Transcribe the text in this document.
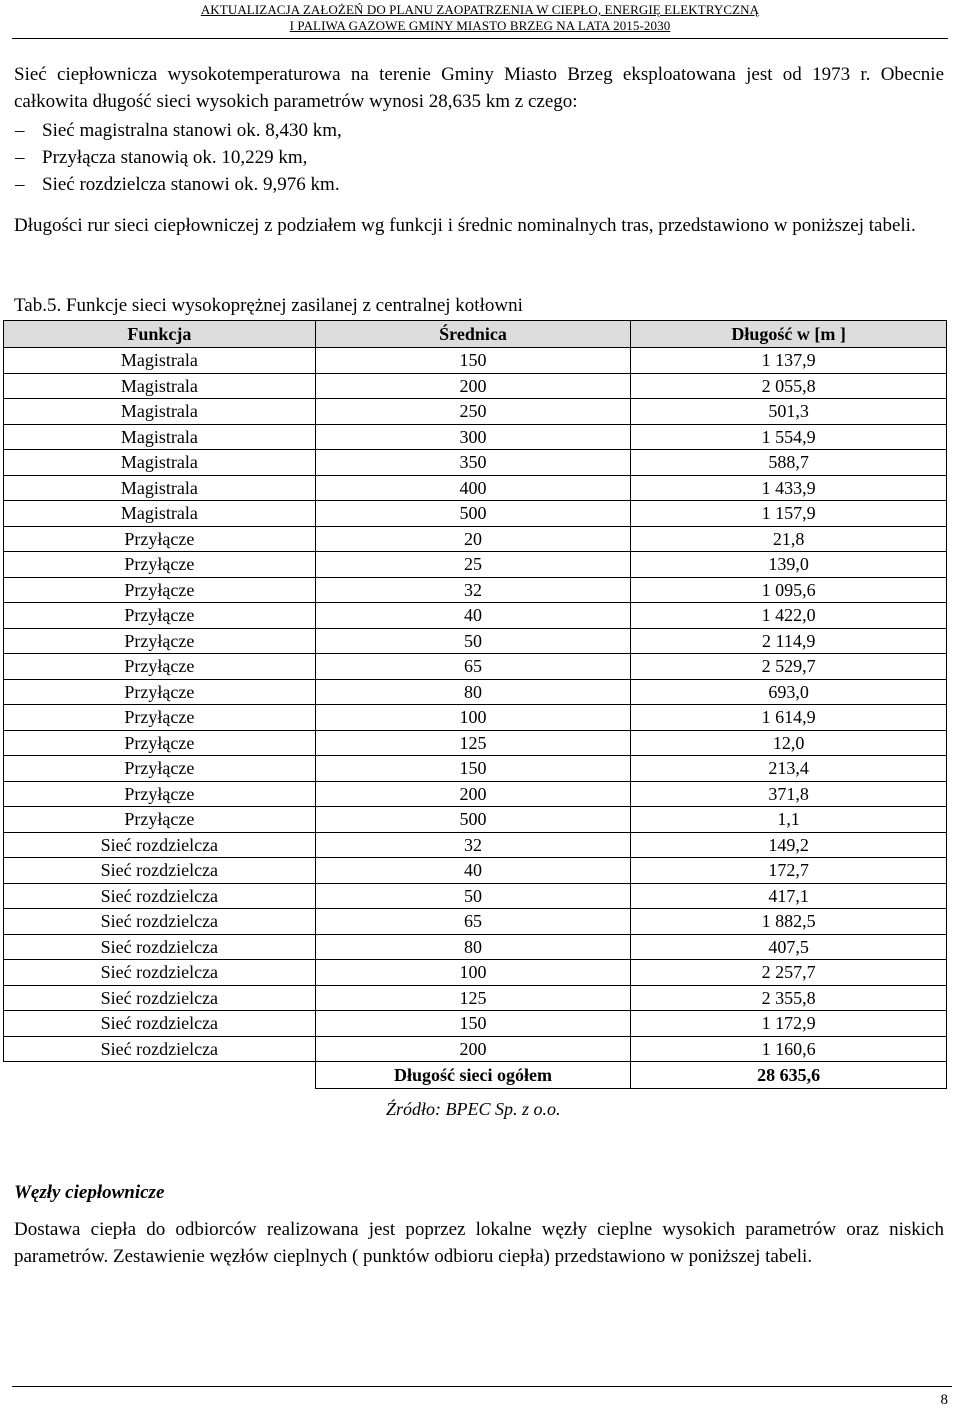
AKTUALIZACJA ZAŁOŻEŃ DO PLANU ZAOPATRZENIA W CIEPŁO, ENERGIĘ ELEKTRYCZNĄ
I PALIWA GAZOWE GMINY MIASTO BRZEG NA LATA 2015-2030
Sieć ciepłownicza wysokotemperaturowa na terenie Gminy Miasto Brzeg eksploatowana jest od 1973 r. Obecnie całkowita długość sieci wysokich parametrów wynosi 28,635 km z czego:
– Sieć magistralna stanowi ok. 8,430 km,
– Przyłącza stanowią ok. 10,229 km,
– Sieć rozdzielcza stanowi ok. 9,976 km.
Długości rur sieci ciepłowniczej z podziałem wg funkcji i średnic nominalnych tras, przedstawiono w poniższej tabeli.
Tab.5. Funkcje sieci wysokoprężnej zasilanej z centralnej kotłowni
Funkcja	Średnica	Długość w [m ]
Magistrala	150	1 137,9
Magistrala	200	2 055,8
Magistrala	250	501,3
Magistrala	300	1 554,9
Magistrala	350	588,7
Magistrala	400	1 433,9
Magistrala	500	1 157,9
Przyłącze	20	21,8
Przyłącze	25	139,0
Przyłącze	32	1 095,6
Przyłącze	40	1 422,0
Przyłącze	50	2 114,9
Przyłącze	65	2 529,7
Przyłącze	80	693,0
Przyłącze	100	1 614,9
Przyłącze	125	12,0
Przyłącze	150	213,4
Przyłącze	200	371,8
Przyłącze	500	1,1
Sieć rozdzielcza	32	149,2
Sieć rozdzielcza	40	172,7
Sieć rozdzielcza	50	417,1
Sieć rozdzielcza	65	1 882,5
Sieć rozdzielcza	80	407,5
Sieć rozdzielcza	100	2 257,7
Sieć rozdzielcza	125	2 355,8
Sieć rozdzielcza	150	1 172,9
Sieć rozdzielcza	200	1 160,6
	Długość sieci ogółem	28 635,6
Źródło: BPEC Sp. z o.o.
Węzły ciepłownicze
Dostawa ciepła do odbiorców realizowana jest poprzez lokalne węzły cieplne wysokich parametrów oraz niskich parametrów. Zestawienie węzłów cieplnych ( punktów odbioru ciepła) przedstawiono w poniższej tabeli.
8
